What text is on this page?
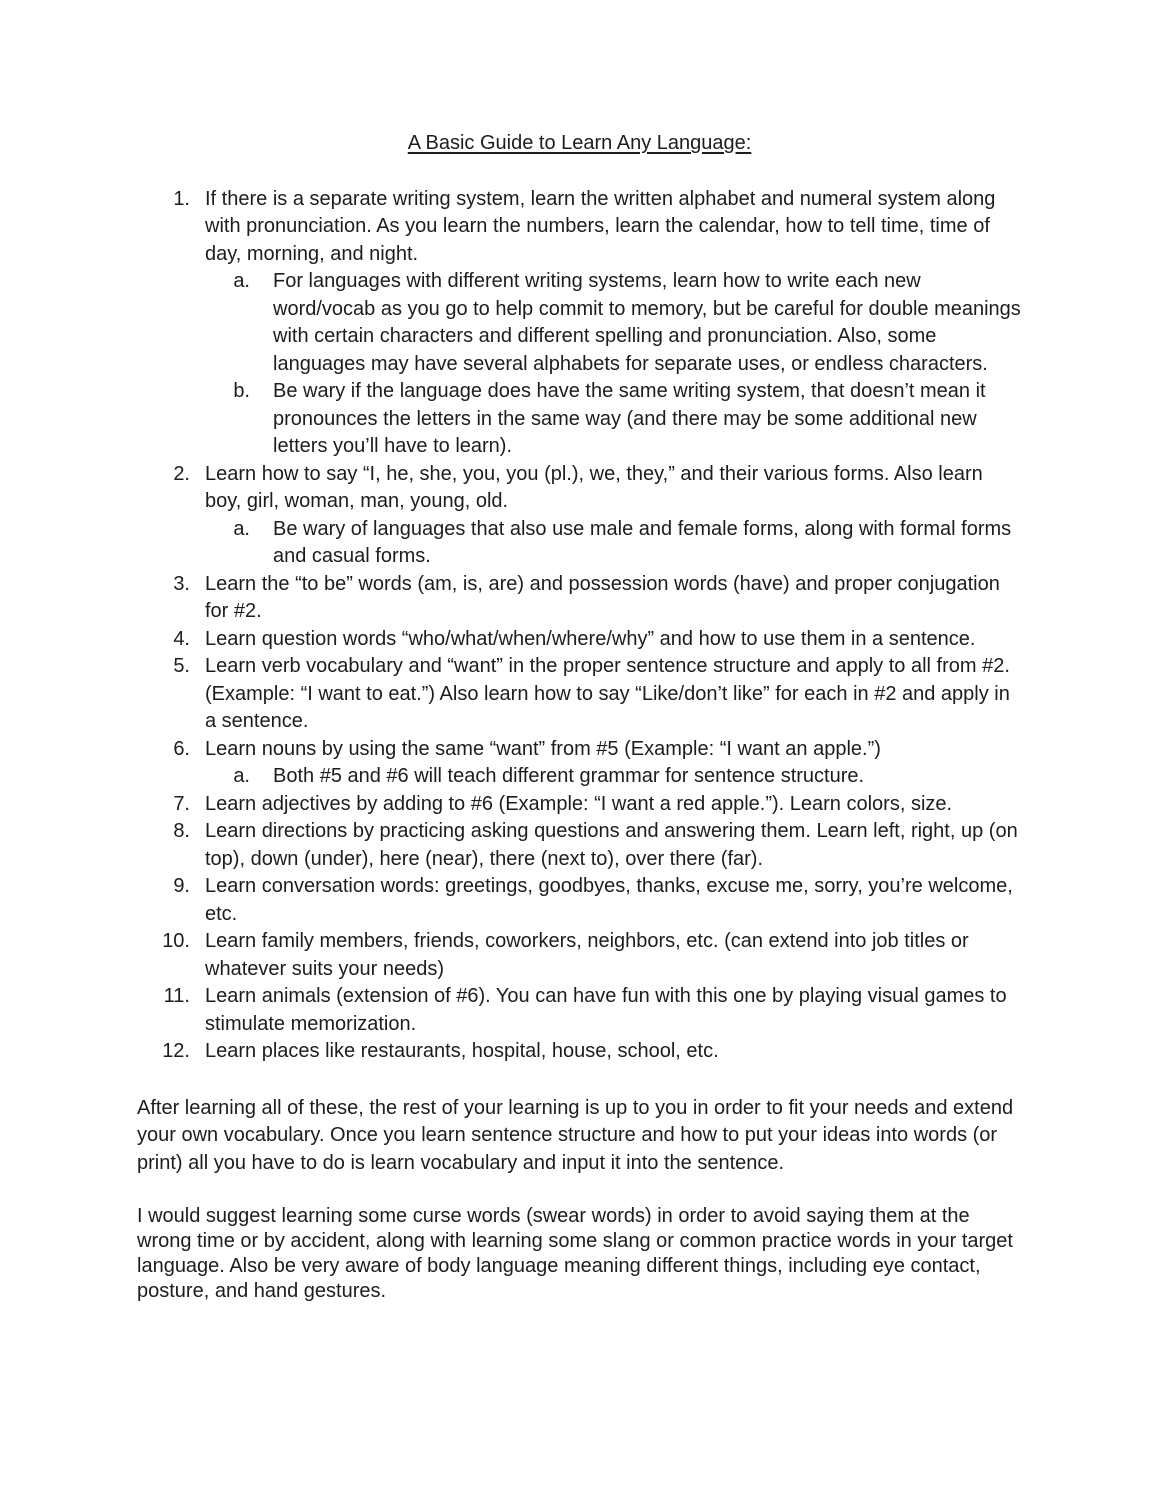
A Basic Guide to Learn Any Language:
1. If there is a separate writing system, learn the written alphabet and numeral system along with pronunciation. As you learn the numbers, learn the calendar, how to tell time, time of day, morning, and night.
a. For languages with different writing systems, learn how to write each new word/vocab as you go to help commit to memory, but be careful for double meanings with certain characters and different spelling and pronunciation. Also, some languages may have several alphabets for separate uses, or endless characters.
b. Be wary if the language does have the same writing system, that doesn’t mean it pronounces the letters in the same way (and there may be some additional new letters you’ll have to learn).
2. Learn how to say “I, he, she, you, you (pl.), we, they,” and their various forms. Also learn boy, girl, woman, man, young, old.
a. Be wary of languages that also use male and female forms, along with formal forms and casual forms.
3. Learn the “to be” words (am, is, are) and possession words (have) and proper conjugation for #2.
4. Learn question words “who/what/when/where/why” and how to use them in a sentence.
5. Learn verb vocabulary and “want” in the proper sentence structure and apply to all from #2. (Example: “I want to eat.”) Also learn how to say “Like/don’t like” for each in #2 and apply in a sentence.
6. Learn nouns by using the same “want” from #5 (Example: “I want an apple.”)
a. Both #5 and #6 will teach different grammar for sentence structure.
7. Learn adjectives by adding to #6 (Example: “I want a red apple.”). Learn colors, size.
8. Learn directions by practicing asking questions and answering them. Learn left, right, up (on top), down (under), here (near), there (next to), over there (far).
9. Learn conversation words: greetings, goodbyes, thanks, excuse me, sorry, you’re welcome, etc.
10. Learn family members, friends, coworkers, neighbors, etc. (can extend into job titles or whatever suits your needs)
11. Learn animals (extension of #6). You can have fun with this one by playing visual games to stimulate memorization.
12. Learn places like restaurants, hospital, house, school, etc.
After learning all of these, the rest of your learning is up to you in order to fit your needs and extend your own vocabulary. Once you learn sentence structure and how to put your ideas into words (or print) all you have to do is learn vocabulary and input it into the sentence.
I would suggest learning some curse words (swear words) in order to avoid saying them at the wrong time or by accident, along with learning some slang or common practice words in your target language. Also be very aware of body language meaning different things, including eye contact, posture, and hand gestures.
